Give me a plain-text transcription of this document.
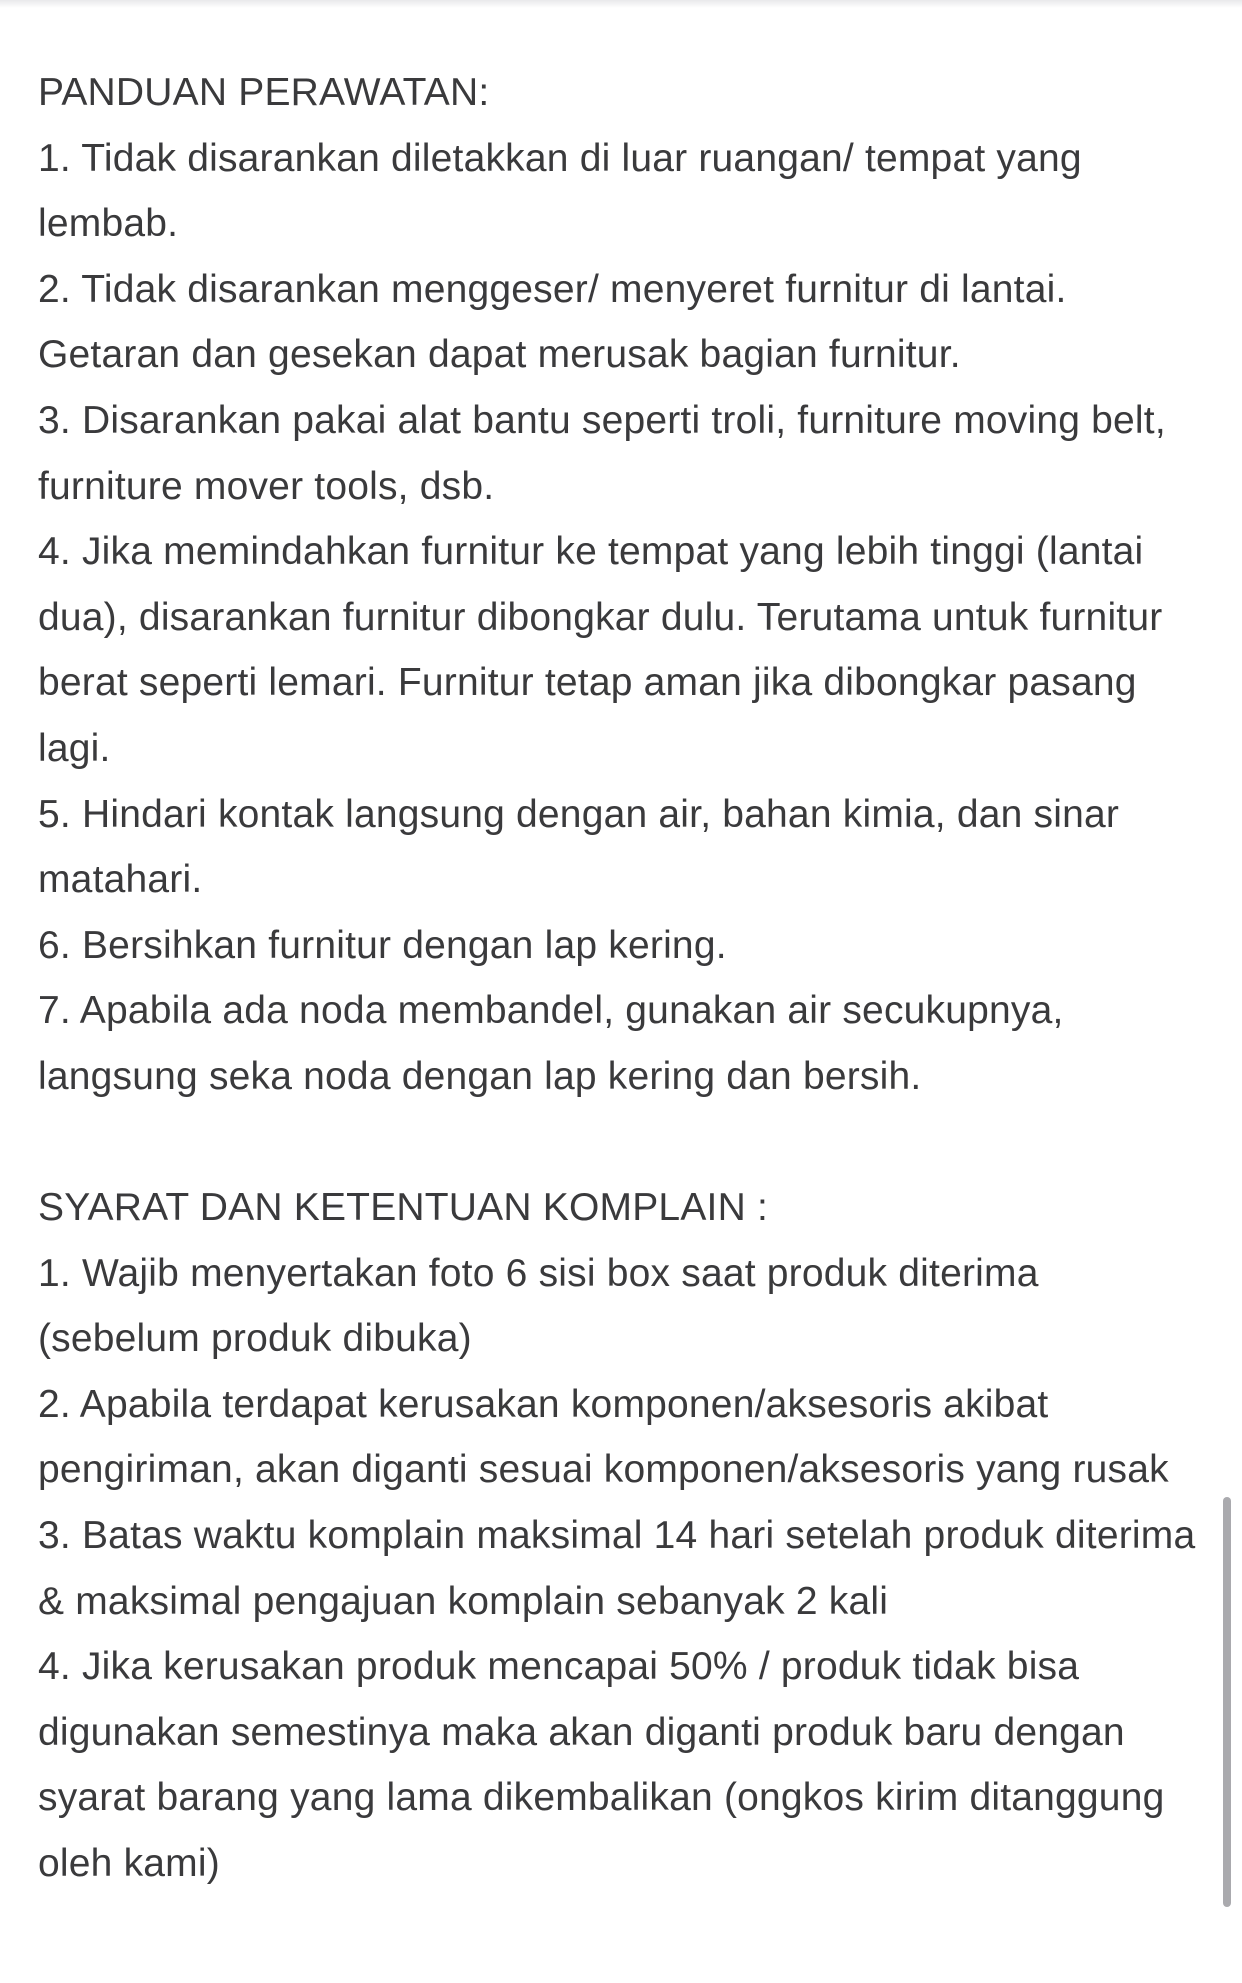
PANDUAN PERAWATAN:

1. Tidak disarankan diletakkan di luar ruangan/ tempat yang lembab.

2. Tidak disarankan menggeser/ menyeret furnitur di lantai. Getaran dan gesekan dapat merusak bagian furnitur.

3. Disarankan pakai alat bantu seperti troli, furniture moving belt, furniture mover tools, dsb.

4. Jika memindahkan furnitur ke tempat yang lebih tinggi (lantai dua), disarankan furnitur dibongkar dulu. Terutama untuk furnitur berat seperti lemari. Furnitur tetap aman jika dibongkar pasang lagi.

5. Hindari kontak langsung dengan air, bahan kimia, dan sinar matahari.

6. Bersihkan furnitur dengan lap kering.

7. Apabila ada noda membandel, gunakan air secukupnya, langsung seka noda dengan lap kering dan bersih.

SYARAT DAN KETENTUAN KOMPLAIN :

1. Wajib menyertakan foto 6 sisi box saat produk diterima (sebelum produk dibuka)

2. Apabila terdapat kerusakan komponen/aksesoris akibat pengiriman, akan diganti sesuai komponen/aksesoris yang rusak

3. Batas waktu komplain maksimal 14 hari setelah produk diterima & maksimal pengajuan komplain sebanyak 2 kali

4. Jika kerusakan produk mencapai 50% / produk tidak bisa digunakan semestinya maka akan diganti produk baru dengan syarat barang yang lama dikembalikan (ongkos kirim ditanggung oleh kami)
